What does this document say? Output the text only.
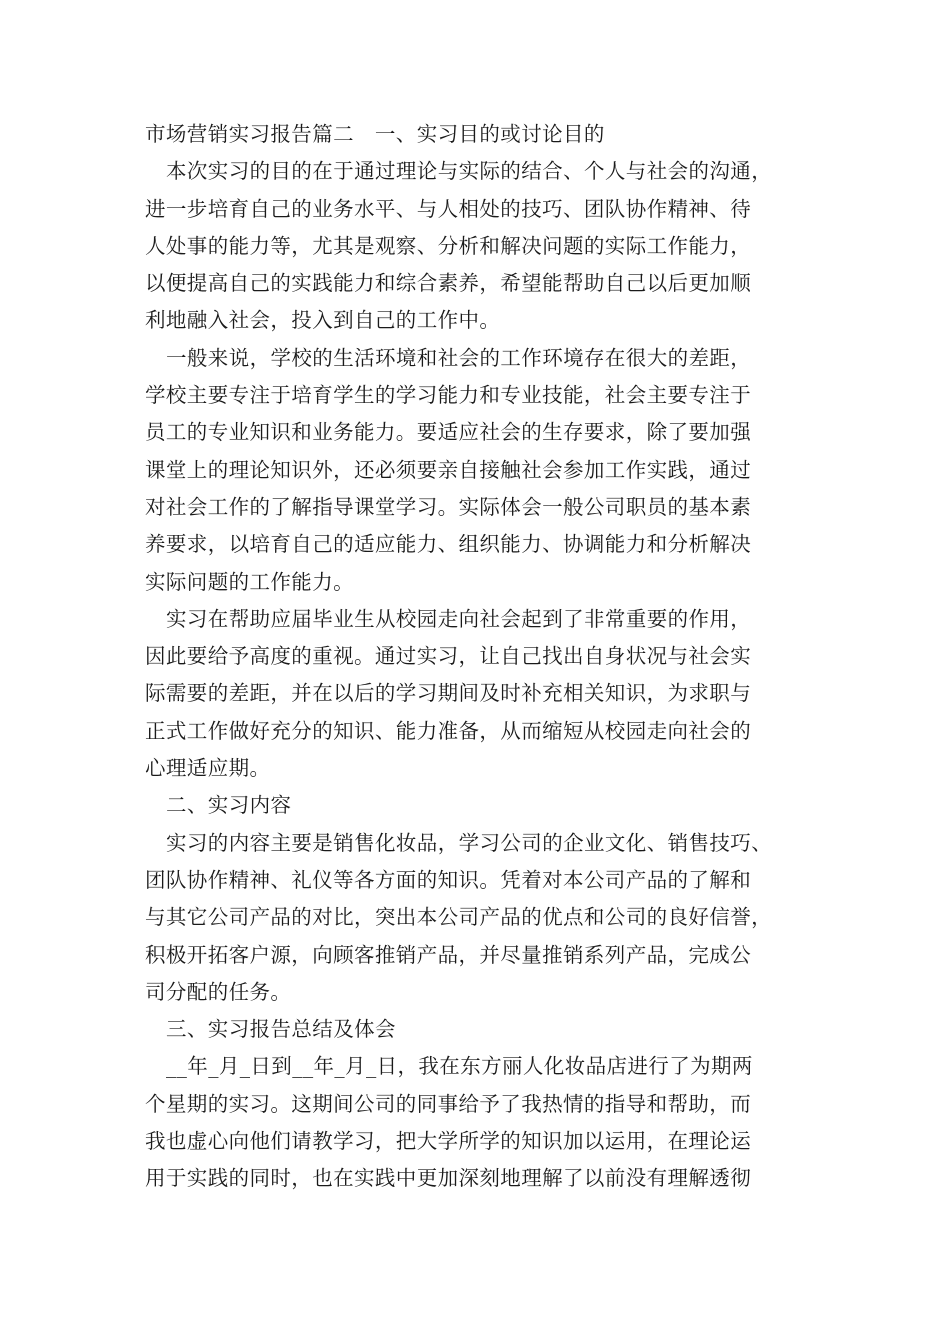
市场营销实习报告篇二　一、实习目的或讨论目的
本次实习的目的在于通过理论与实际的结合、个人与社会的沟通，
进一步培育自己的业务水平、与人相处的技巧、团队协作精神、待
人处事的能力等，尤其是观察、分析和解决问题的实际工作能力，
以便提高自己的实践能力和综合素养，希望能帮助自己以后更加顺
利地融入社会，投入到自己的工作中。
一般来说，学校的生活环境和社会的工作环境存在很大的差距，
学校主要专注于培育学生的学习能力和专业技能，社会主要专注于
员工的专业知识和业务能力。要适应社会的生存要求，除了要加强
课堂上的理论知识外，还必须要亲自接触社会参加工作实践，通过
对社会工作的了解指导课堂学习。实际体会一般公司职员的基本素
养要求，以培育自己的适应能力、组织能力、协调能力和分析解决
实际问题的工作能力。
实习在帮助应届毕业生从校园走向社会起到了非常重要的作用，
因此要给予高度的重视。通过实习，让自己找出自身状况与社会实
际需要的差距，并在以后的学习期间及时补充相关知识，为求职与
正式工作做好充分的知识、能力准备，从而缩短从校园走向社会的
心理适应期。
二、实习内容
实习的内容主要是销售化妆品，学习公司的企业文化、销售技巧、
团队协作精神、礼仪等各方面的知识。凭着对本公司产品的了解和
与其它公司产品的对比，突出本公司产品的优点和公司的良好信誉，
积极开拓客户源，向顾客推销产品，并尽量推销系列产品，完成公
司分配的任务。
三、实习报告总结及体会
__年_月_日到__年_月_日，我在东方丽人化妆品店进行了为期两
个星期的实习。这期间公司的同事给予了我热情的指导和帮助，而
我也虚心向他们请教学习，把大学所学的知识加以运用，在理论运
用于实践的同时，也在实践中更加深刻地理解了以前没有理解透彻
